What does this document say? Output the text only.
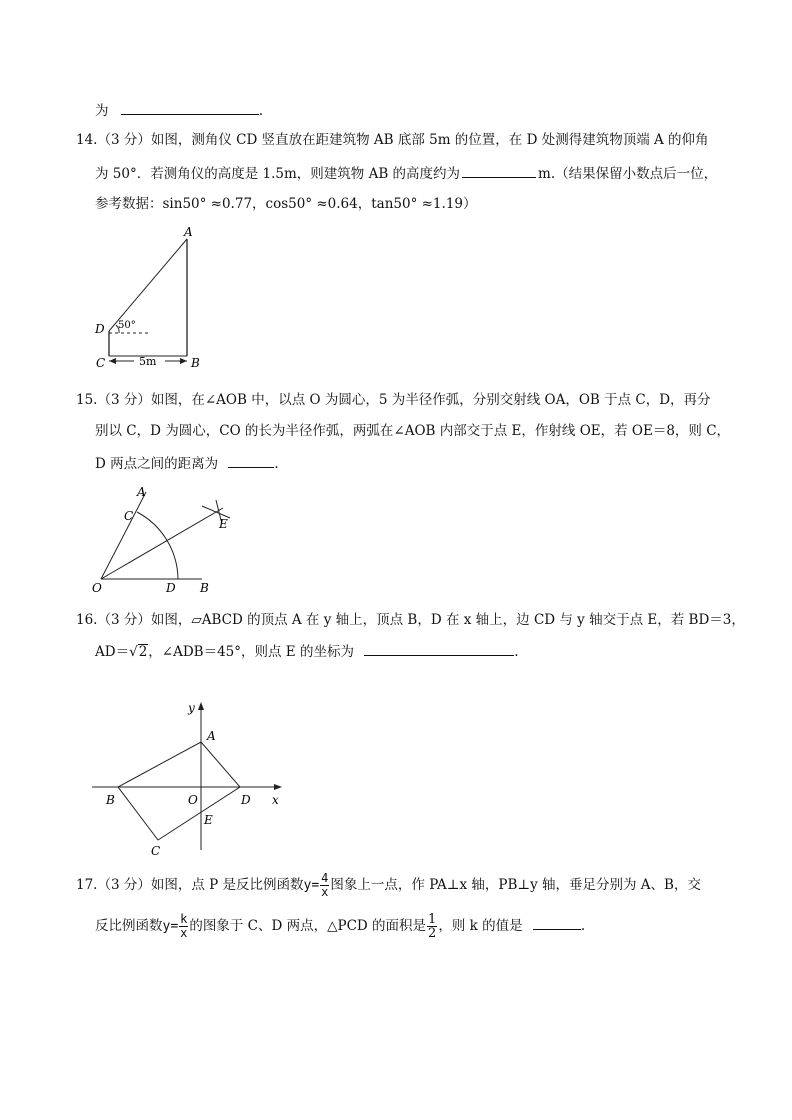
为	.
14.（3 分）如图，测角仪 CD 竖直放在距建筑物 AB 底部 5m 的位置，在 D 处测得建筑物顶端 A 的仰角
为 50°．若测角仪的高度是 1.5m，则建筑物 AB 的高度约为	m.（结果保留小数点后一位，
参考数据：sin50° ≈0.77，cos50° ≈0.64，tan50° ≈1.19）
A
D 50°
C	B
5m
15.（3 分）如图，在∠AOB 中，以点 O 为圆心，5 为半径作弧，分别交射线 OA，OB 于点 C，D，再分
别以 C，D 为圆心，CO 的长为半径作弧，两弧在∠AOB 内部交于点 E，作射线 OE，若 OE＝8，则 C，
D 两点之间的距离为	.
A
C
E
O	D B
16.（3 分）如图，▱ABCD 的顶点 A 在 y 轴上，顶点 B，D 在 x 轴上，边 CD 与 y 轴交于点 E，若 BD＝3，
AD＝√2，∠ADB＝45°，则点 E 的坐标为	.
y
x
A
B	O	D
E
C
17.（3 分）如图，点 P 是反比例函数$y= \frac{4}{x}$ 图象上一点，作 PA⊥x 轴，PB⊥y 轴，垂足分别为 A、B，交
反比例函数$y= \frac{k}{x}$ 的图象于 C、D 两点，△PCD 的面积是 $\frac{1}{2}$ ，则 k 的值是	.
